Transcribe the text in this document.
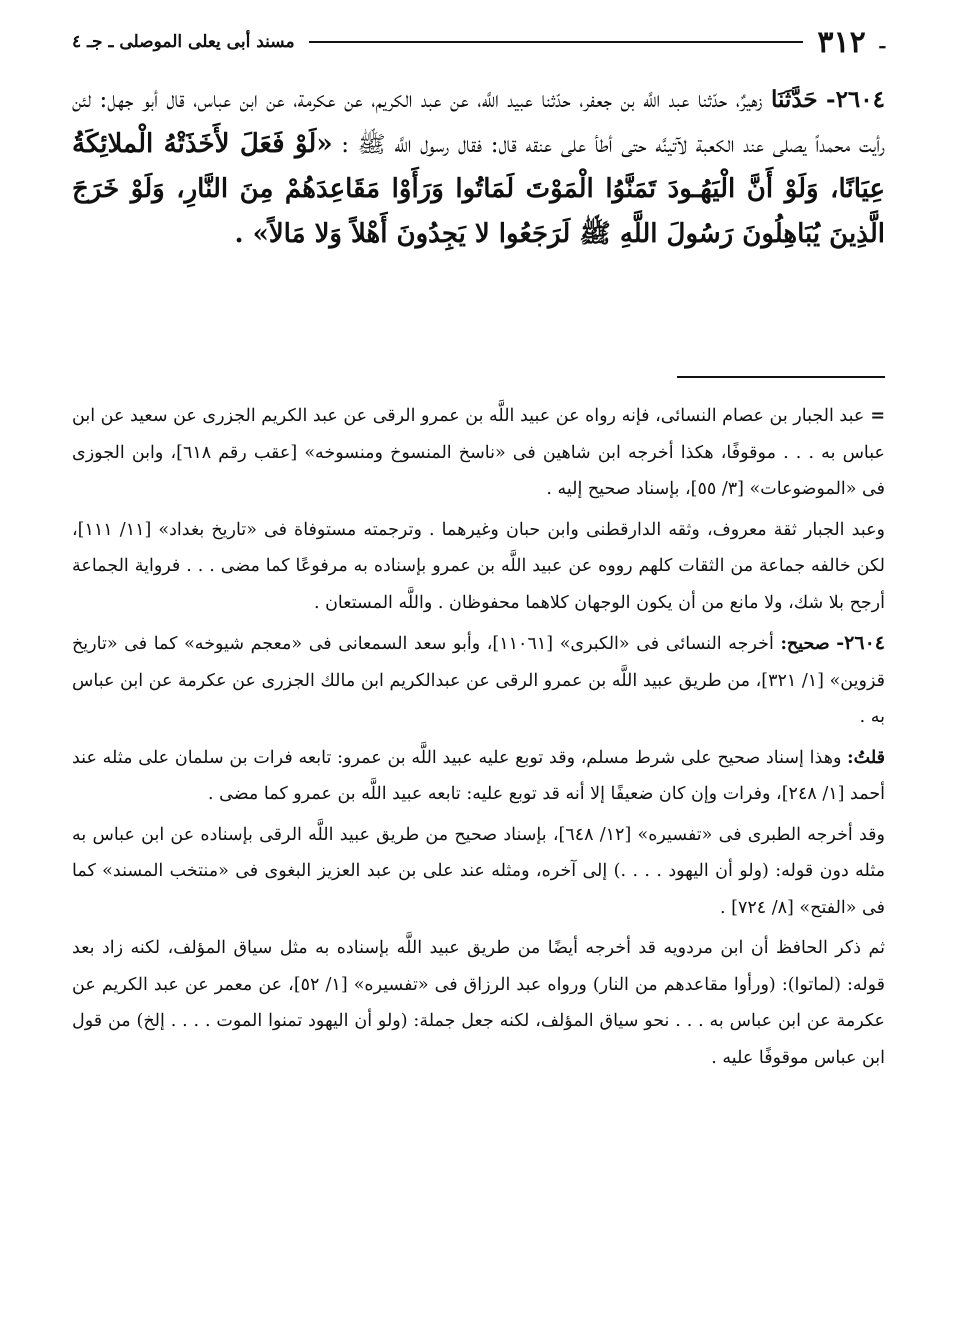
ـ
٣١٢
مسند أبى يعلى الموصلى ـ جـ ٤
٢٦٠٤- حَدَّثَنَا زهيرٌ، حدّثنا عبد اللَّه بن جعفر، حدّثنا عبيد اللَّه، عن عبد الكريم، عن عكرمة، عن ابن عباس، قال أبو جهل: لئن رأيت محمداً يصلى عند الكعبة لآتينَّه حتى أطأ على عنقه قال: فقال رسول اللَّه ﷺ : «لَوْ فَعَلَ لأَخَذَتْهُ الْملائِكَةُ عِيَانًا، وَلَوْ أَنَّ الْيَهُـودَ تَمَنَّوُا الْمَوْتَ لَمَاتُوا وَرَأَوْا مَقَاعِدَهُمْ مِنَ النَّارِ، وَلَوْ خَرَجَ الَّذِينَ يُبَاهِلُونَ رَسُولَ اللَّهِ ﷺ لَرَجَعُوا لا يَجِدُونَ أَهْلاً وَلا مَالاً» .

=عبد الجبار بن عصام النسائى، فإنه رواه عن عبيد اللَّه بن عمرو الرقى عن عبد الكريم الجزرى عن سعيد عن ابن عباس به . . . موقوفًا، هكذا أخرجه ابن شاهين فى «ناسخ المنسوخ ومنسوخه» [عقب رقم ٦١٨]، وابن الجوزى فى «الموضوعات» [٣/ ٥٥]، بإسناد صحيح إليه .

وعبد الجبار ثقة معروف، وثقه الدارقطنى وابن حبان وغيرهما . وترجمته مستوفاة فى «تاريخ بغداد» [١١/ ١١١]، لكن خالفه جماعة من الثقات كلهم رووه عن عبيد اللَّه بن عمرو بإسناده به مرفوعًا كما مضى . . . فرواية الجماعة أرجح بلا شك، ولا مانع من أن يكون الوجهان كلاهما محفوظان . واللَّه المستعان .

٢٦٠٤- صحيح: أخرجه النسائى فى «الكبرى» [١١٠٦١]، وأبو سعد السمعانى فى «معجم شيوخه» كما فى «تاريخ قزوين» [١/ ٣٢١]، من طريق عبيد اللَّه بن عمرو الرقى عن عبدالكريم ابن مالك الجزرى عن عكرمة عن ابن عباس به .

قلتُ: وهذا إسناد صحيح على شرط مسلم، وقد توبع عليه عبيد اللَّه بن عمرو: تابعه فرات بن سلمان على مثله عند أحمد [١/ ٢٤٨]، وفرات وإن كان ضعيفًا إلا أنه قد توبع عليه: تابعه عبيد اللَّه بن عمرو كما مضى .

وقد أخرجه الطبرى فى «تفسيره» [١٢/ ٦٤٨]، بإسناد صحيح من طريق عبيد اللَّه الرقى بإسناده عن ابن عباس به مثله دون قوله: (ولو أن اليهود . . . .) إلى آخره، ومثله عند على بن عبد العزيز البغوى فى «منتخب المسند» كما فى «الفتح» [٨/ ٧٢٤] .

ثم ذكر الحافظ أن ابن مردويه قد أخرجه أيضًا من طريق عبيد اللَّه بإسناده به مثل سياق المؤلف، لكنه زاد بعد قوله: (لماتوا): (ورأوا مقاعدهم من النار) ورواه عبد الرزاق فى «تفسيره» [١/ ٥٢]، عن معمر عن عبد الكريم عن عكرمة عن ابن عباس به . . . نحو سياق المؤلف، لكنه جعل جملة: (ولو أن اليهود تمنوا الموت . . . . إلخ) من قول ابن عباس موقوفًا عليه .
